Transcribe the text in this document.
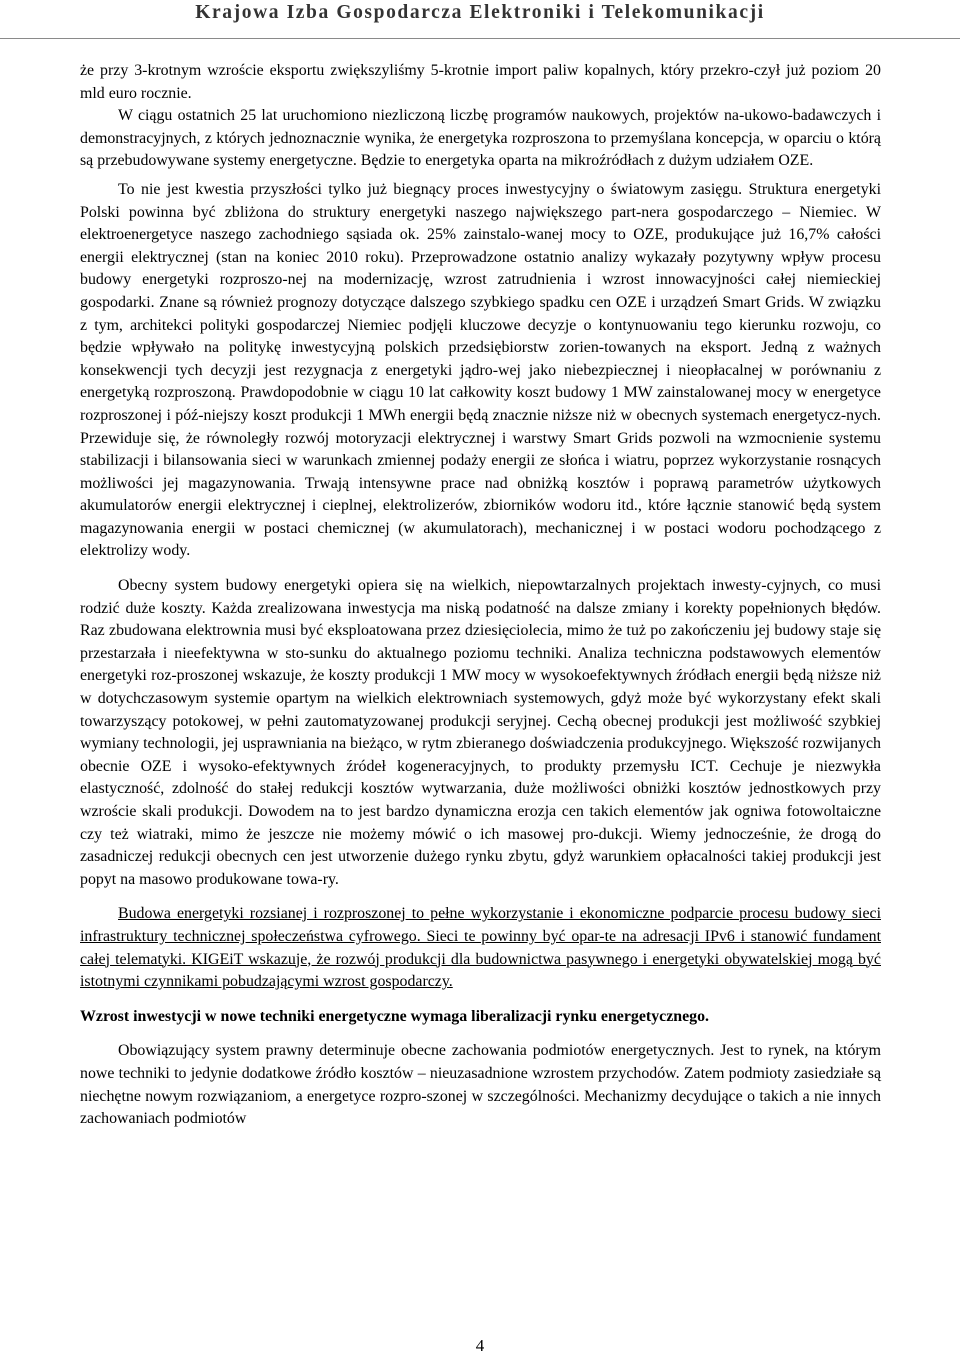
Krajowa Izba Gospodarcza Elektroniki i Telekomunikacji

że przy 3-krotnym wzroście eksportu zwiększyliśmy 5-krotnie import paliw kopalnych, który przekro-czył już poziom 20 mld euro rocznie.

W ciągu ostatnich 25 lat uruchomiono niezliczoną liczbę programów naukowych, projektów na-ukowo-badawczych i demonstracyjnych, z których jednoznacznie wynika, że energetyka rozproszona to przemyślana koncepcja, w oparciu o którą są przebudowywane systemy energetyczne. Będzie to energetyka oparta na mikroźródłach z dużym udziałem OZE.

To nie jest kwestia przyszłości tylko już biegnący proces inwestycyjny o światowym zasięgu. Struktura energetyki Polski powinna być zbliżona do struktury energetyki naszego największego part-nera gospodarczego – Niemiec. W elektroenergetyce naszego zachodniego sąsiada ok. 25% zainstalo-wanej mocy to OZE, produkujące już 16,7% całości energii elektrycznej (stan na koniec 2010 roku). Przeprowadzone ostatnio analizy wykazały pozytywny wpływ procesu budowy energetyki rozproszo-nej na modernizację, wzrost zatrudnienia i wzrost innowacyjności całej niemieckiej gospodarki. Znane są również prognozy dotyczące dalszego szybkiego spadku cen OZE i urządzeń Smart Grids. W związku z tym, architekci polityki gospodarczej Niemiec podjęli kluczowe decyzje o kontynuowaniu tego kierunku rozwoju, co będzie wpływało na politykę inwestycyjną polskich przedsiębiorstw zorien-towanych na eksport. Jedną z ważnych konsekwencji tych decyzji jest rezygnacja z energetyki jądro-wej jako niebezpiecznej i nieopłacalnej w porównaniu z energetyką rozproszoną. Prawdopodobnie w ciągu 10 lat całkowity koszt budowy 1 MW zainstalowanej mocy w energetyce rozproszonej i póź-niejszy koszt produkcji 1 MWh energii będą znacznie niższe niż w obecnych systemach energetycz-nych. Przewiduje się, że równoległy rozwój motoryzacji elektrycznej i warstwy Smart Grids pozwoli na wzmocnienie systemu stabilizacji i bilansowania sieci w warunkach zmiennej podaży energii ze słońca i wiatru, poprzez wykorzystanie rosnących możliwości jej magazynowania. Trwają intensywne prace nad obniżką kosztów i poprawą parametrów użytkowych akumulatorów energii elektrycznej i cieplnej, elektrolizerów, zbiorników wodoru itd., które łącznie stanowić będą system magazynowania energii w postaci chemicznej (w akumulatorach), mechanicznej i w postaci wodoru pochodzącego z elektrolizy wody.

Obecny system budowy energetyki opiera się na wielkich, niepowtarzalnych projektach inwesty-cyjnych, co musi rodzić duże koszty. Każda zrealizowana inwestycja ma niską podatność na dalsze zmiany i korekty popełnionych błędów. Raz zbudowana elektrownia musi być eksploatowana przez dziesięciolecia, mimo że tuż po zakończeniu jej budowy staje się przestarzała i nieefektywna w sto-sunku do aktualnego poziomu techniki. Analiza techniczna podstawowych elementów energetyki roz-proszonej wskazuje, że koszty produkcji 1 MW mocy w wysokoefektywnych źródłach energii będą niższe niż w dotychczasowym systemie opartym na wielkich elektrowniach systemowych, gdyż może być wykorzystany efekt skali towarzyszący potokowej, w pełni zautomatyzowanej produkcji seryjnej. Cechą obecnej produkcji jest możliwość szybkiej wymiany technologii, jej usprawniania na bieżąco, w rytm zbieranego doświadczenia produkcyjnego. Większość rozwijanych obecnie OZE i wysoko-efektywnych źródeł kogeneracyjnych, to produkty przemysłu ICT. Cechuje je niezwykła elastyczność, zdolność do stałej redukcji kosztów wytwarzania, duże możliwości obniżki kosztów jednostkowych przy wzroście skali produkcji. Dowodem na to jest bardzo dynamiczna erozja cen takich elementów jak ogniwa fotowoltaiczne czy też wiatraki, mimo że jeszcze nie możemy mówić o ich masowej pro-dukcji. Wiemy jednocześnie, że drogą do zasadniczej redukcji obecnych cen jest utworzenie dużego rynku zbytu, gdyż warunkiem opłacalności takiej produkcji jest popyt na masowo produkowane towa-ry.

Budowa energetyki rozsianej i rozproszonej to pełne wykorzystanie i ekonomiczne podparcie procesu budowy sieci infrastruktury technicznej społeczeństwa cyfrowego. Sieci te powinny być opar-te na adresacji IPv6 i stanowić fundament całej telematyki. KIGEiT wskazuje, że rozwój produkcji dla budownictwa pasywnego i energetyki obywatelskiej mogą być istotnymi czynnikami pobudzającymi wzrost gospodarczy.

Wzrost inwestycji w nowe techniki energetyczne wymaga liberalizacji rynku energetycznego.

Obowiązujący system prawny determinuje obecne zachowania podmiotów energetycznych. Jest to rynek, na którym nowe techniki to jedynie dodatkowe źródło kosztów – nieuzasadnione wzrostem przychodów. Zatem podmioty zasiedziałe są niechętne nowym rozwiązaniom, a energetyce rozpro-szonej w szczególności. Mechanizmy decydujące o takich a nie innych zachowaniach podmiotów

4
